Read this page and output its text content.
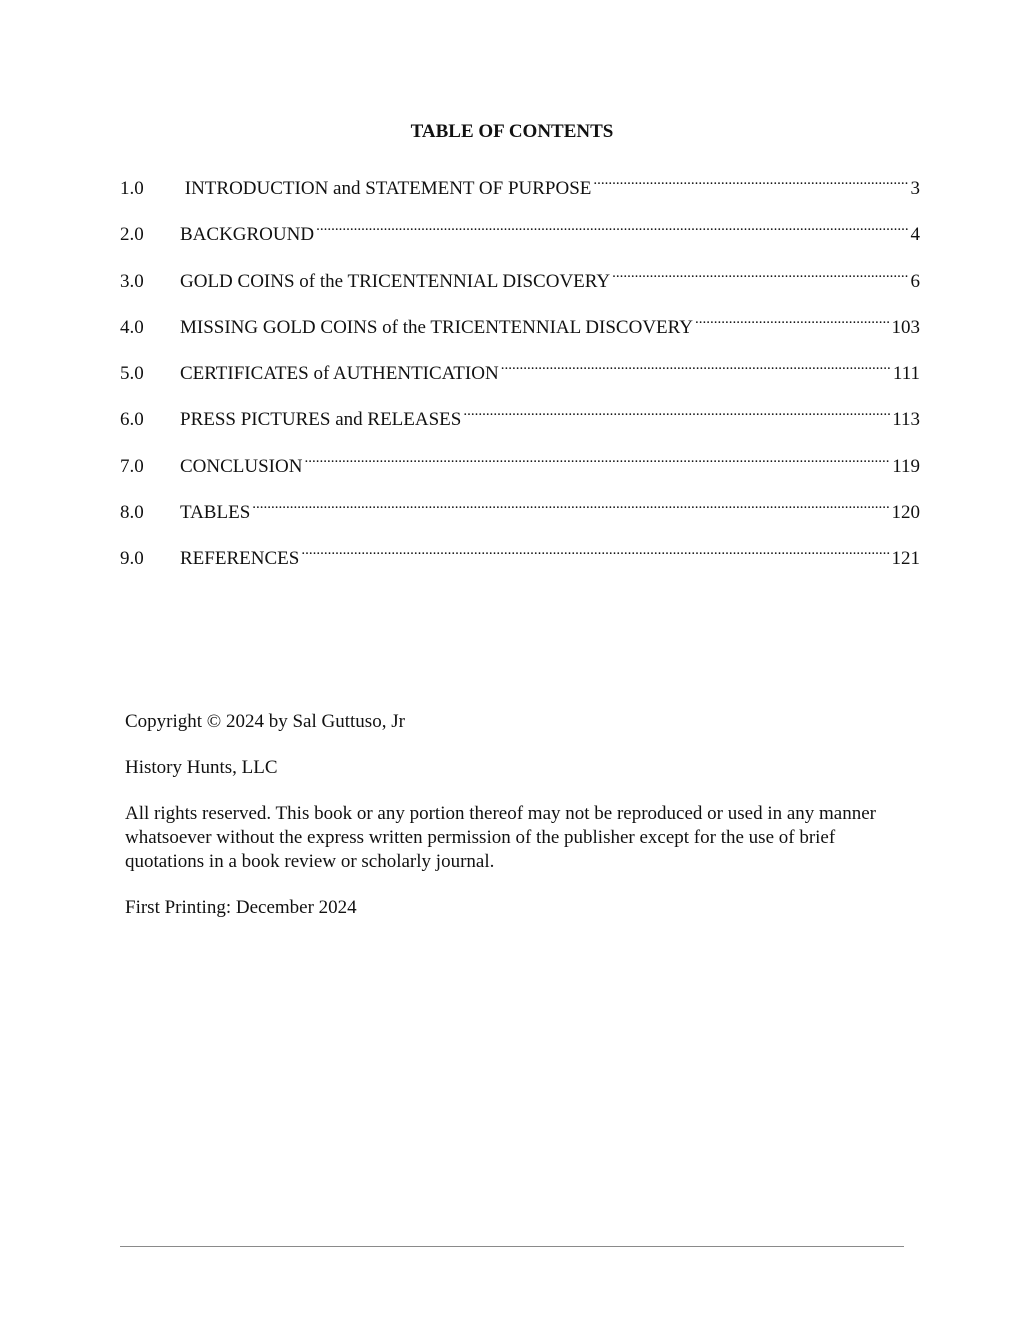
TABLE OF CONTENTS
1.0	INTRODUCTION and STATEMENT OF PURPOSE .....	3
2.0	BACKGROUND .....	4
3.0	GOLD COINS of the TRICENTENNIAL DISCOVERY .....	6
4.0	MISSING GOLD COINS of the TRICENTENNIAL DISCOVERY .....	103
5.0	CERTIFICATES of AUTHENTICATION .....	111
6.0	PRESS PICTURES and RELEASES .....	113
7.0	CONCLUSION .....	119
8.0	TABLES .....	120
9.0	REFERENCES .....	121

Copyright © 2024 by Sal Guttuso, Jr

History Hunts, LLC

All rights reserved. This book or any portion thereof may not be reproduced or used in any manner whatsoever without the express written permission of the publisher except for the use of brief quotations in a book review or scholarly journal.

First Printing: December 2024
